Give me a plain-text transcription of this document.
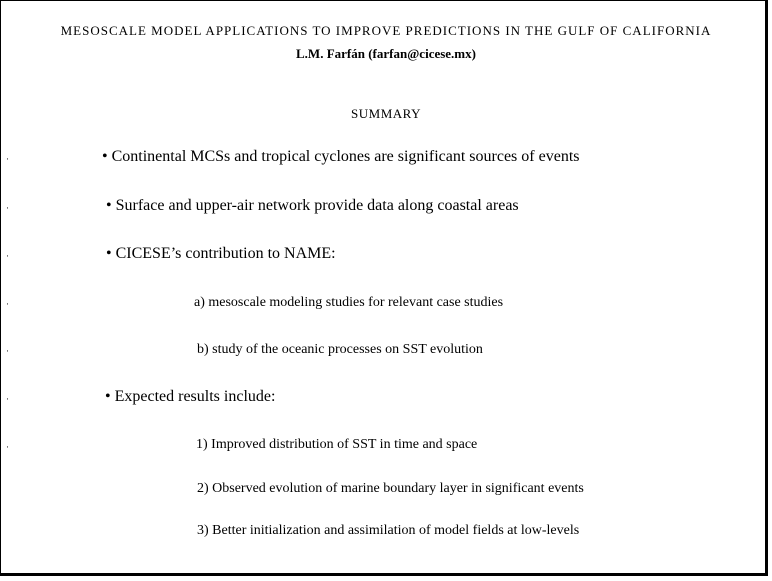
MESOSCALE MODEL APPLICATIONS TO IMPROVE PREDICTIONS IN THE GULF OF CALIFORNIA
L.M. Farfán (farfan@cicese.mx)
SUMMARY
• Continental MCSs and tropical cyclones are significant sources of events
• Surface and upper-air network provide data along coastal areas
• CICESE’s contribution to NAME:
a) mesoscale modeling studies for relevant case studies
b) study of the oceanic processes on SST evolution
• Expected results include:
1) Improved distribution of SST in time and space
2) Observed evolution of marine boundary layer in significant events
3) Better initialization and assimilation of model fields at low-levels
·
·
·
·
·
·
·
